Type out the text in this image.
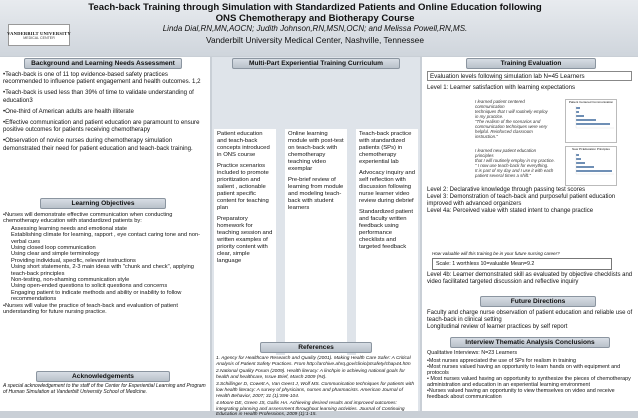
VANDERBILT UNIVERSITY
MEDICAL CENTER
Teach-back Training through Simulation with Standardized Patients and Online Education following ONS Chemotherapy and Biotherapy Course
Linda Dial,RN,MN,AOCN; Judith Johnson,RN,MSN,OCN; and Melissa Powell,RN,MS.
Vanderbilt University Medical Center, Nashville, Tennessee
Background and Learning Needs Assessment

•Teach-back is one of 11 top evidence-based safety practices recommended to influence patient engagement and health outcomes. 1,2

•Teach-back is used less than 39% of time to validate understanding of education3

•One-third of American adults are health illiterate

•Effective communication and patient education are paramount to ensure positive outcomes for patients receiving chemotherapy

•Observation of novice nurses during chemotherapy simulation demonstrated their need for patient education and teach-back training.

Learning Objectives
•Nurses will demonstrate effective communication when conducting chemotherapy education with standardized patients by:
Assessing learning needs and emotional state
Establishing climate for learning, rapport , eye contact caring tone and non-verbal cues
Using closed loop communication
Using clear and simple terminology
Providing individual, specific, relevant instructions
Using short statements, 2-3 main ideas with "chunk and check", applying teach-back principles
Non-testing, non-shaming communication style
Using open-ended questions to solicit questions and concerns
Engaging patient to indicate methods and ability or inability to follow recommendations
•Nurses will value the practice of teach-back and evaluation of patient understanding for future nursing practice.
Acknowledgements
A special acknowledgement to the staff of the Center for Experiential Learning and Program of Human Simulation at Vanderbilt University School of Medicine.
Multi-Part Experiential Training Curriculum

Patient education and teach-back concepts introduced in ONS course

Practice scenarios included to promote prioritization and salient , actionable patient specific content for teaching plan

Preparatory homework for teaching session and written examples of priority content with clear, simple language

Online learning module with post-test on teach-back with chemotherapy teaching video exemplar

Pre-brief review of learning from module and modeling teach-back with student learners

Teach-back practice with standardized patients (SPs) in chemotherapy experiential lab

Advocacy inquiry and self reflection with discussion following nurse learner video review during debrief

Standardized patient and faculty written feedback using performance checklists and targeted feedback

References

1. Agency for Healthcare Research and Quality (2001). Making Health Care Safer: A Critical Analysis of Patient Safety Practices. From http://archive.ahrq.gov/clinic/ptsafety/chap44.htm

2.National Quality Forum (2009). Health literacy: A linchpin in achieving national goals for health and healthcare, Issue Brief, March 2009 (#4).

3.Schillinger D, Cowett A, Van Geest J, Wolf MS. Communication techniques for patients with low health literacy: A survey of physicians, nurses and pharmacists. American Journal of Health Behavior, 2007; 31 (1):S96-104.

4.Moore DE, Green JS, Gallis HA. Achieving desired results and improved outcomes: integrating planning and assessment throughout learning activities. Journal of Continuing Education in Health Professions, 2009 (1):1-15.

Training Evaluation
Evaluation levels following simulation lab N=45 Learners
Level 1: Learner satisfaction with learning expectations
I learned patient centered communication
techniques that I will routinely employ
in my practice.
"The realism of the scenarios and
communication techniques were very
helpful. Reinforced classroom instruction."
Patient Centered Communication
I learned new patient education principles
that I will routinely employ in my practice.
" I now use teach-back for everything.
It is part of my day and I use it with each
patient several times a shift."
New Pt Education Principles
Level 2: Declarative knowledge through passing test scores
Level 3: Demonstration of teach-back and purposeful patient education improved with advanced organizers
Level 4a: Perceived value with stated intent to change practice
How valuable will this training be in your future nursing career?
Scale: 1 worthless 10=valuable Mean=9.2
Level 4b: Learner demonstrated skill as evaluated by objective checklists and video facilitated targeted discussion and reflective inquiry
Future Directions
Faculty and charge nurse observation of patient education and reliable use of teach-back in clinical setting
Longitudinal review of learner practices by self report
Interview Thematic Analysis Conclusions
Qualitative Interviews: N=23 Learners
•Most nurses appreciated the use of SPs for realism in training
•Most nurses valued having an opportunity to learn hands on with equipment and protocols
• Most nurses valued having an opportunity to synthesize the pieces of chemotherapy administration and education in an experiential learning environment
•Nurses valued having an opportunity to view themselves on video and receive feedback about communication
